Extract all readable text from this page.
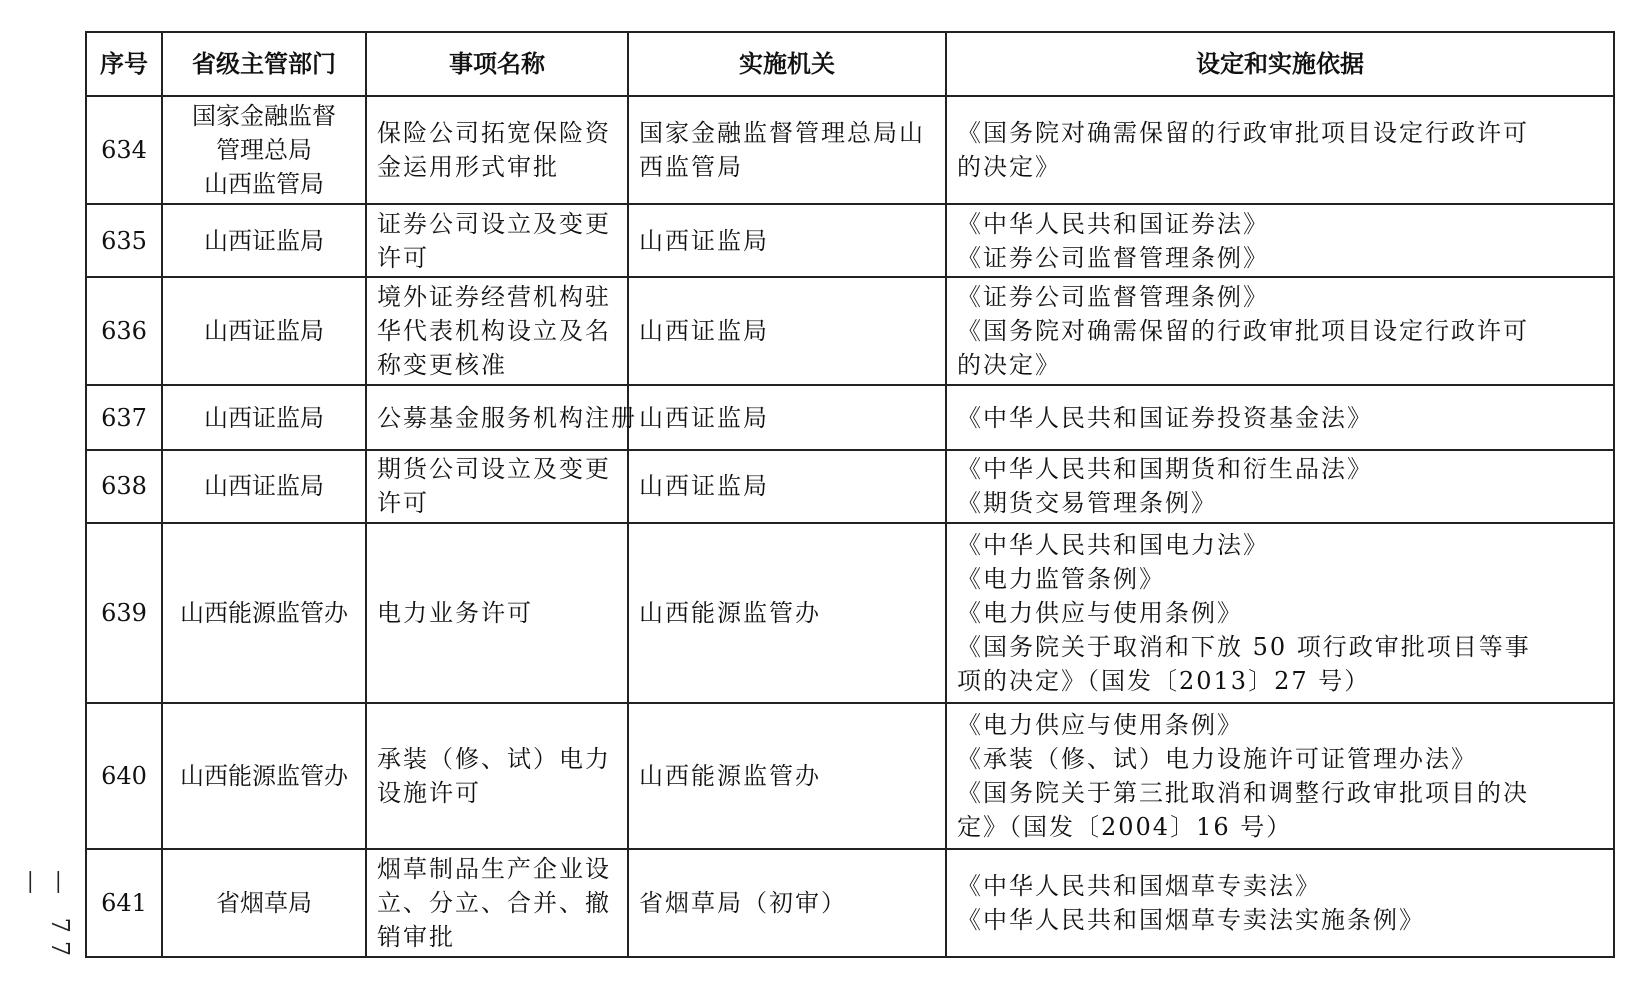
— 77 —
序号	省级主管部门	事项名称	实施机关	设定和实施依据
634	国家金融监督
管理总局
山西监管局	保险公司拓宽保险资
金运用形式审批	国家金融监督管理总局山
西监管局	《国务院对确需保留的行政审批项目设定行政许可
的决定》

635	山西证监局	证券公司设立及变更
许可	山西证监局	《中华人民共和国证券法》
《证券公司监督管理条例》

636	山西证监局	境外证券经营机构驻
华代表机构设立及名
称变更核准	山西证监局	《证券公司监督管理条例》
《国务院对确需保留的行政审批项目设定行政许可
的决定》

637	山西证监局	公募基金服务机构注册	山西证监局	《中华人民共和国证券投资基金法》

638	山西证监局	期货公司设立及变更
许可	山西证监局	《中华人民共和国期货和衍生品法》
《期货交易管理条例》

639	山西能源监管办	电力业务许可	山西能源监管办	《中华人民共和国电力法》
《电力监管条例》
《电力供应与使用条例》
《国务院关于取消和下放 50 项行政审批项目等事
项的决定》（国发〔2013〕27 号）

640	山西能源监管办	承装（修、试）电力
设施许可	山西能源监管办	《电力供应与使用条例》
《承装（修、试）电力设施许可证管理办法》
《国务院关于第三批取消和调整行政审批项目的决
定》（国发〔2004〕16 号）

641	省烟草局	烟草制品生产企业设
立、分立、合并、撤
销审批	省烟草局（初审）	《中华人民共和国烟草专卖法》
《中华人民共和国烟草专卖法实施条例》
